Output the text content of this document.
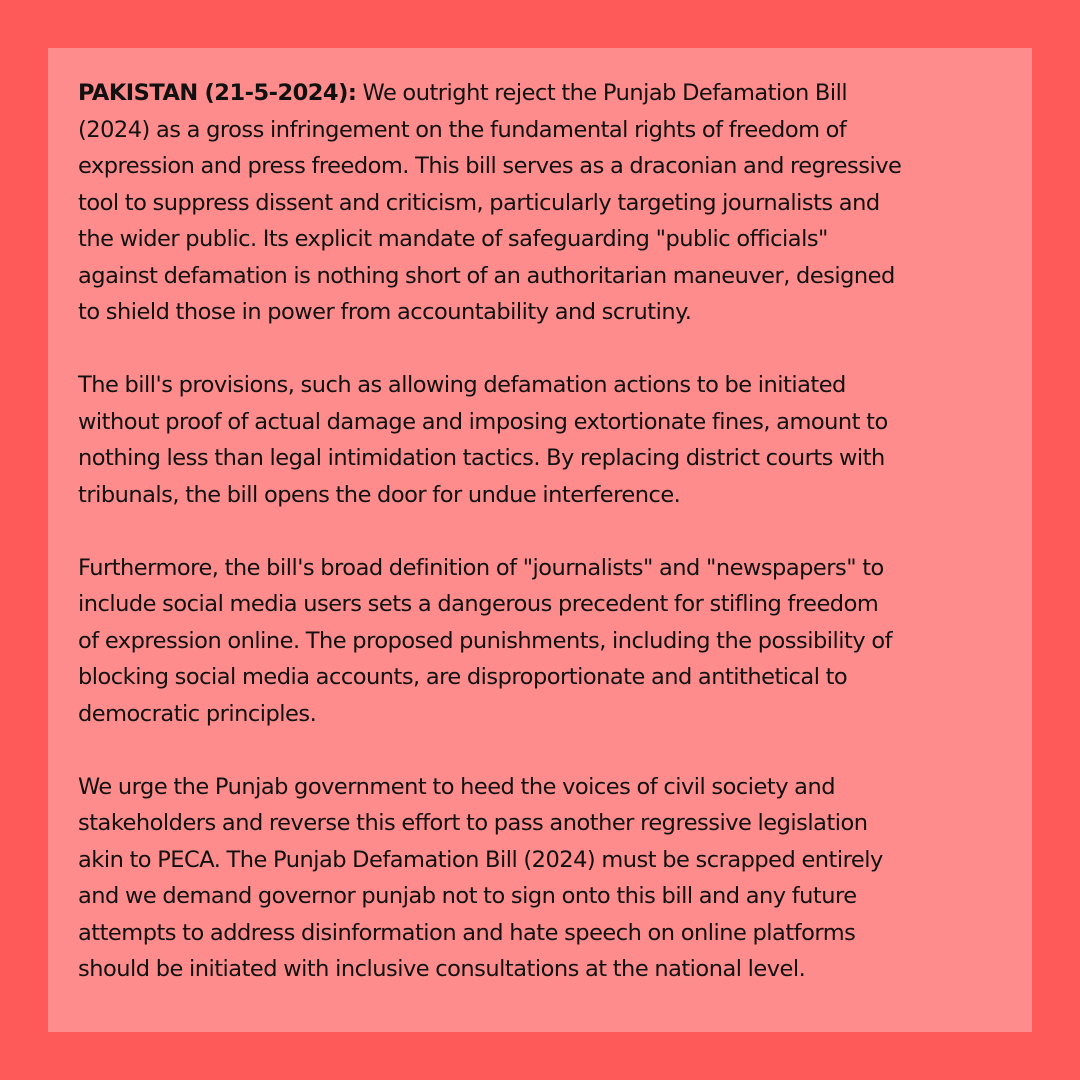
PAKISTAN (21-5-2024): We outright reject the Punjab Defamation Bill
(2024) as a gross infringement on the fundamental rights of freedom of
expression and press freedom. This bill serves as a draconian and regressive
tool to suppress dissent and criticism, particularly targeting journalists and
the wider public. Its explicit mandate of safeguarding "public officials"
against defamation is nothing short of an authoritarian maneuver, designed
to shield those in power from accountability and scrutiny.
The bill's provisions, such as allowing defamation actions to be initiated
without proof of actual damage and imposing extortionate fines, amount to
nothing less than legal intimidation tactics. By replacing district courts with
tribunals, the bill opens the door for undue interference.
Furthermore, the bill's broad definition of "journalists" and "newspapers" to
include social media users sets a dangerous precedent for stifling freedom
of expression online. The proposed punishments, including the possibility of
blocking social media accounts, are disproportionate and antithetical to
democratic principles.
We urge the Punjab government to heed the voices of civil society and
stakeholders and reverse this effort to pass another regressive legislation
akin to PECA. The Punjab Defamation Bill (2024) must be scrapped entirely
and we demand governor punjab not to sign onto this bill and any future
attempts to address disinformation and hate speech on online platforms
should be initiated with inclusive consultations at the national level.
